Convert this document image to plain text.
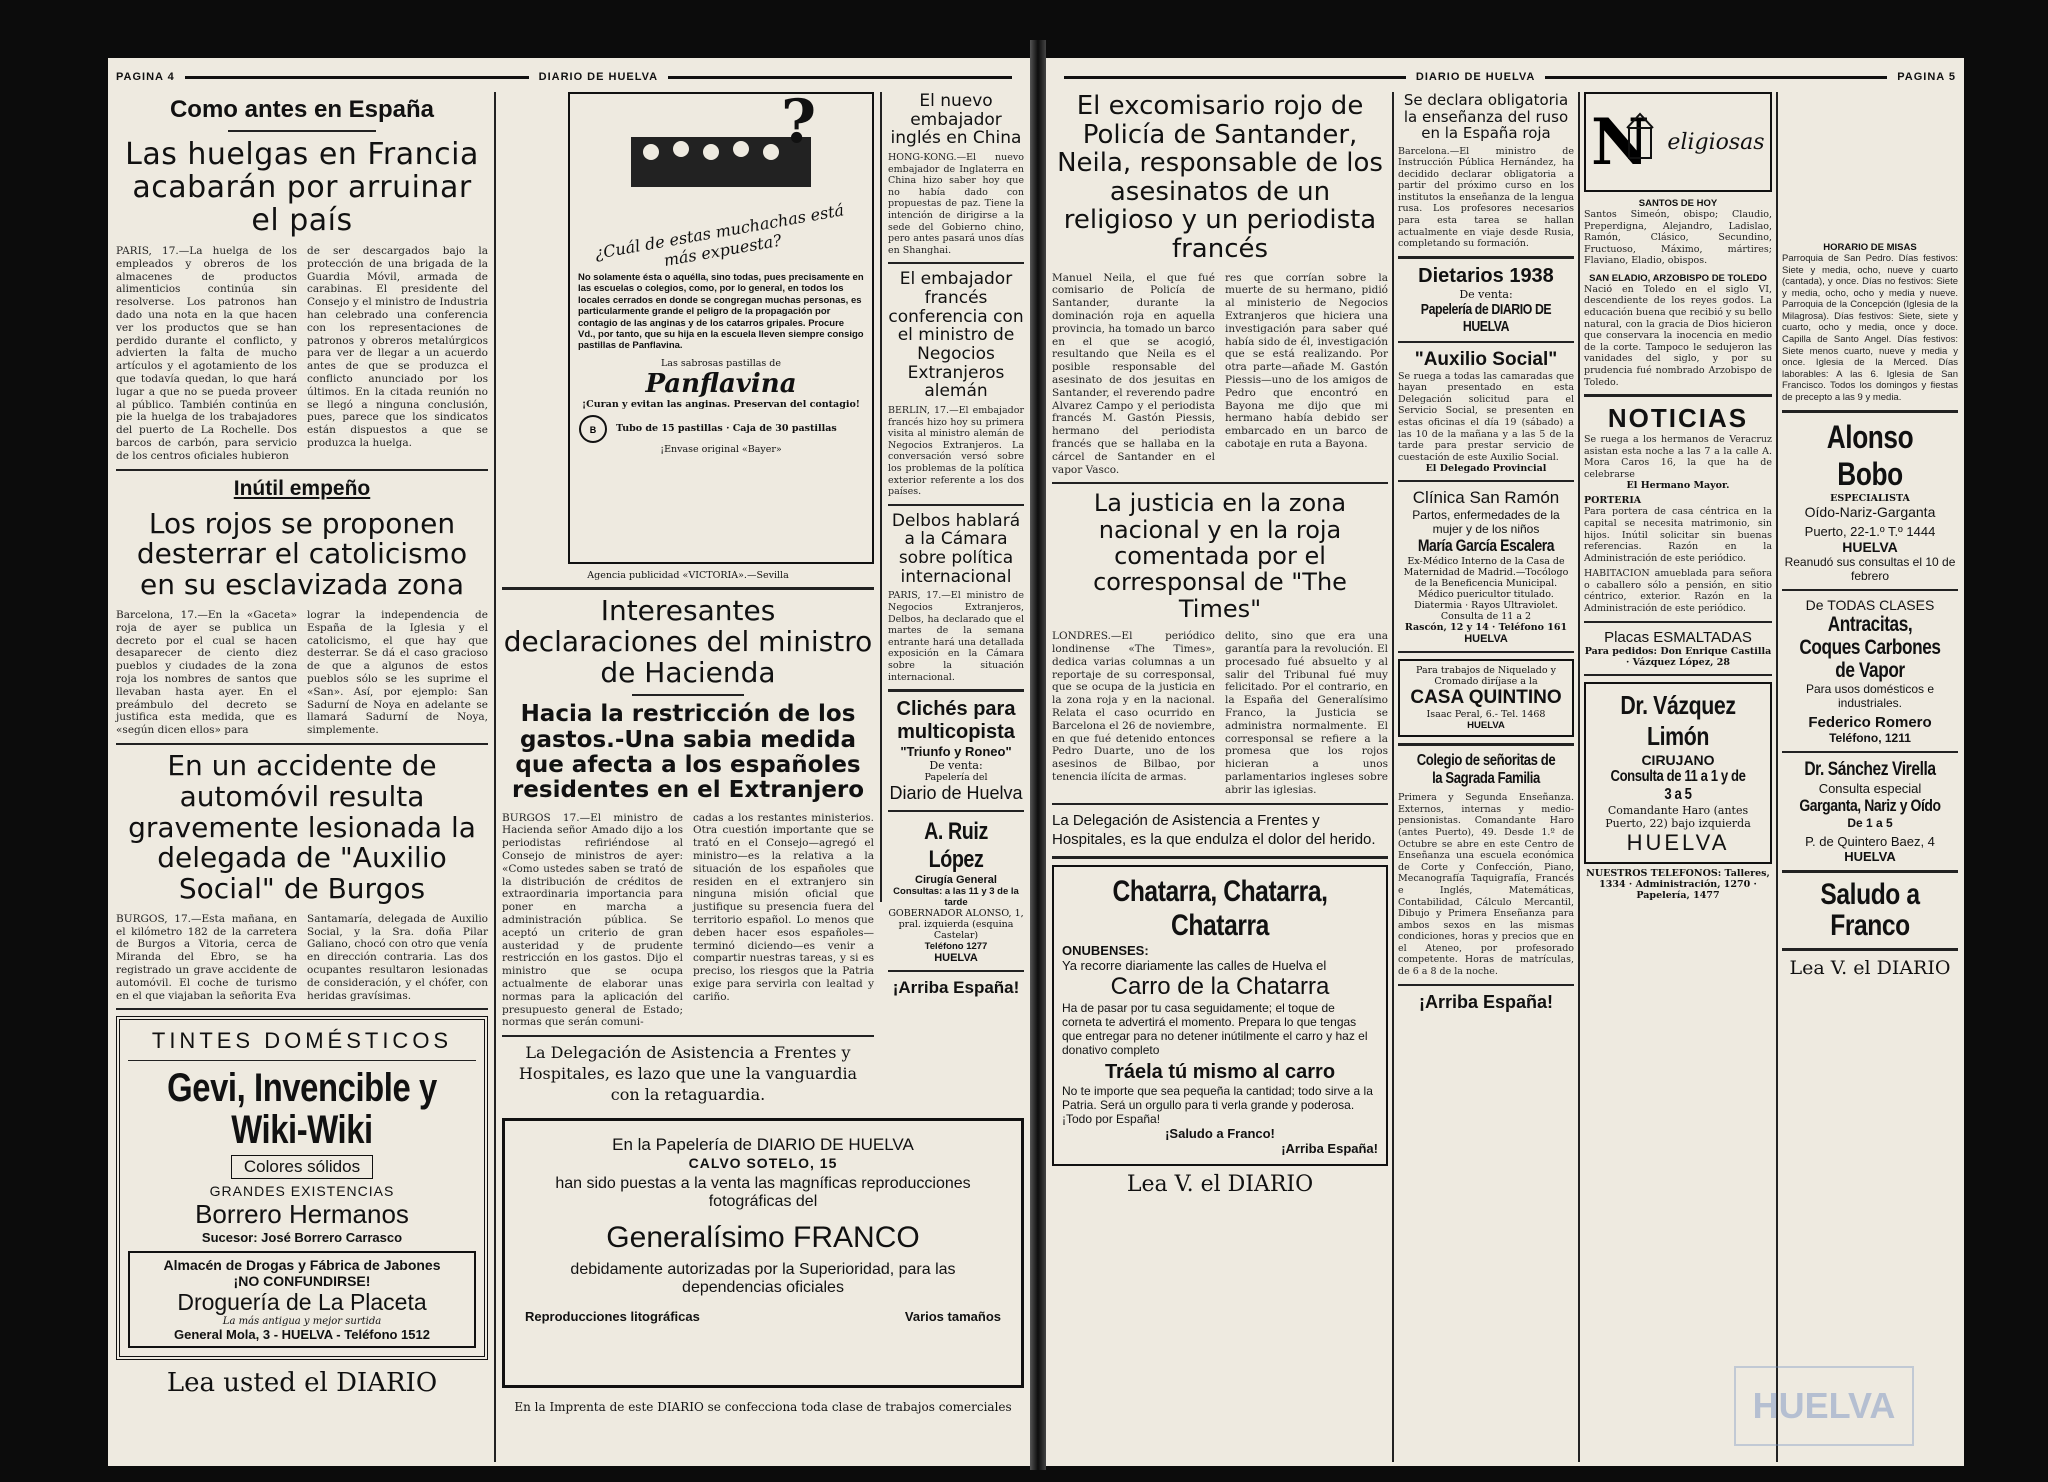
PAGINA 4	DIARIO DE HUELVA
Como antes en España
Las huelgas en Francia acabarán por arruinar el país

PARIS, 17.—La huelga de los empleados y obreros de los almacenes de productos alimenticios continúa sin resolverse. Los patronos han dado una nota en la que hacen ver los productos que se han perdido durante el conflicto, y advierten la falta de mucho artículos y el agotamiento de los que todavía quedan, lo que hará lugar a que no se pueda proveer al público. También continúa en pie la huelga de los trabajadores del puerto de La Rochelle. Dos barcos de carbón, para servicio de los centros oficiales hubieron

de ser descargados bajo la protección de una brigada de la Guardia Móvil, armada de carabinas. El presidente del Consejo y el ministro de Industria han celebrado una conferencia con los representaciones de patronos y obreros metalúrgicos para ver de llegar a un acuerdo antes de que se produzca el conflicto anunciado por los últimos. En la citada reunión no se llegó a ninguna conclusión, pues, parece que los sindicatos están dispuestos a que se produzca la huelga.

Inútil empeño
Los rojos se proponen desterrar el catolicismo en su esclavizada zona

Barcelona, 17.—En la «Gaceta» roja de ayer se publica un decreto por el cual se hacen desaparecer de ciento diez pueblos y ciudades de la zona roja los nombres de santos que llevaban hasta ayer. En el preámbulo del decreto se justifica esta medida, que es «según dicen ellos» para

lograr la independencia de España de la Iglesia y el catolicismo, el que hay que desterrar. Se dá el caso gracioso de que a algunos de estos pueblos sólo se les suprime el «San». Así, por ejemplo: San Sadurní de Noya en adelante se llamará Sadurní de Noya, simplemente.

En un accidente de automóvil resulta gravemente lesionada la delegada de "Auxilio Social" de Burgos

BURGOS, 17.—Esta mañana, en el kilómetro 182 de la carretera de Burgos a Vitoria, cerca de Miranda del Ebro, se ha registrado un grave accidente de automóvil. El coche de turismo en el que viajaban la señorita Eva

Santamaría, delegada de Auxilio Social, y la Sra. doña Pilar Galiano, chocó con otro que venía en dirección contraria. Las dos ocupantes resultaron lesionadas de consideración, y el chófer, con heridas gravísimas.

TINTES DOMÉSTICOS
Gevi, Invencible y Wiki-Wiki
Colores sólidos
GRANDES EXISTENCIAS
Borrero Hermanos
Sucesor: José Borrero Carrasco
Almacén de Drogas y Fábrica de Jabones
¡NO CONFUNDIRSE!
Droguería de La Placeta
La más antigua y mejor surtida
General Mola, 3 - HUELVA - Teléfono 1512
Lea usted el DIARIO
?
¿Cuál de estas muchachas está más expuesta?
No solamente ésta o aquélla, sino todas, pues precisamente en las escuelas o colegios, como, por lo general, en todos los locales cerrados en donde se congregan muchas personas, es particularmente grande el peligro de la propagación por contagio de las anginas y de los catarros gripales. Procure Vd., por tanto, que su hija en la escuela lleven siempre consigo pastillas de Panflavina.
Las sabrosas pastillas de
Panflavina
¡Curan y evitan las anginas. Preservan del contagio!
B Tubo de 15 pastillas · Caja de 30 pastillas
¡Envase original «Bayer»
Agencia publicidad «VICTORIA».—Sevilla
Interesantes declaraciones del ministro de Hacienda
Hacia la restricción de los gastos.-Una sabia medida que afecta a los españoles residentes en el Extranjero

BURGOS 17.—El ministro de Hacienda señor Amado dijo a los periodistas refiriéndose al Consejo de ministros de ayer: «Como ustedes saben se trató de la distribución de créditos de extraordinaria importancia para poner en marcha a administración pública. Se aceptó un criterio de gran austeridad y de prudente restricción en los gastos. Dijo el ministro que se ocupa actualmente de elaborar unas normas para la aplicación del presupuesto general de Estado; normas que serán comuni-

cadas a los restantes ministerios. Otra cuestión importante que se trató en el Consejo—agregó el ministro—es la relativa a la situación de los españoles que residen en el extranjero sin ninguna misión oficial que justifique su presencia fuera del territorio español. Lo menos que deben hacer esos españoles—terminó diciendo—es venir a compartir nuestras tareas, y si es preciso, los riesgos que la Patria exige para servirla con lealtad y cariño.

La Delegación de Asistencia a Frentes y Hospitales, es lazo que une la vanguardia con la retaguardia.
El nuevo embajador inglés en China
HONG-KONG.—El nuevo embajador de Inglaterra en China hizo saber hoy que no había dado con propuestas de paz. Tiene la intención de dirigirse a la sede del Gobierno chino, pero antes pasará unos días en Shanghai.
El embajador francés conferencia con el ministro de Negocios Extranjeros alemán
BERLIN, 17.—El embajador francés hizo hoy su primera visita al ministro alemán de Negocios Extranjeros. La conversación versó sobre los problemas de la política exterior referente a los dos países.
Delbos hablará a la Cámara sobre política internacional
PARIS, 17.—El ministro de Negocios Extranjeros, Delbos, ha declarado que el martes de la semana entrante hará una detallada exposición en la Cámara sobre la situación internacional.
Clichés para multicopista
"Triunfo y Roneo"
De venta:
Papelería del
Diario de Huelva
A. Ruiz López
Cirugía General
Consultas: a las 11 y 3 de la tarde
GOBERNADOR ALONSO, 1, pral. izquierda (esquina Castelar)
Teléfono 1277
HUELVA
¡Arriba España!
En la Papelería de DIARIO DE HUELVA
CALVO SOTELO, 15
han sido puestas a la venta las magníficas reproducciones fotográficas del
Generalísimo FRANCO
debidamente autorizadas por la Superioridad, para las dependencias oficiales
Reproducciones litográficas	Varios tamaños
En la Imprenta de este DIARIO se confecciona toda clase de trabajos comerciales
DIARIO DE HUELVA	PAGINA 5
El excomisario rojo de Policía de Santander, Neila, responsable de los asesinatos de un religioso y un periodista francés

Manuel Neila, el que fué comisario de Policía de Santander, durante la dominación roja en aquella provincia, ha tomado un barco en el que se acogió, resultando que Neila es el posible responsable del asesinato de dos jesuitas en Santander, el reverendo padre Alvarez Campo y el periodista francés M. Gastón Piessis, hermano del periodista francés que se hallaba en la cárcel de Santander en el vapor Vasco.

res que corrían sobre la muerte de su hermano, pidió al ministerio de Negocios Extranjeros que hiciera una investigación para saber qué había sido de él, investigación que se está realizando. Por otra parte—añade M. Gastón Piessis—uno de los amigos de Pedro que encontró en Bayona me dijo que mi hermano había debido ser embarcado en un barco de cabotaje en ruta a Bayona.

La justicia en la zona nacional y en la roja comentada por el corresponsal de "The Times"

LONDRES.—El periódico londinense «The Times», dedica varias columnas a un reportaje de su corresponsal, que se ocupa de la justicia en la zona roja y en la nacional. Relata el caso ocurrido en Barcelona el 26 de noviembre, en que fué detenido entonces Pedro Duarte, uno de los asesinos de Bilbao, por tenencia ilícita de armas.

delito, sino que era una garantía para la revolución. El procesado fué absuelto y al salir del Tribunal fué muy felicitado. Por el contrario, en la España del Generalísimo Franco, la Justicia se administra normalmente. El corresponsal se refiere a la promesa que los rojos hicieran a unos parlamentarios ingleses sobre abrir las iglesias.

La Delegación de Asistencia a Frentes y Hospitales, es la que endulza el dolor del herido.
Chatarra, Chatarra, Chatarra
ONUBENSES:
Ya recorre diariamente las calles de Huelva el
Carro de la Chatarra
Ha de pasar por tu casa seguidamente; el toque de corneta te advertirá el momento. Prepara lo que tengas que entregar para no detener inútilmente el carro y haz el donativo completo
Tráela tú mismo al carro
No te importe que sea pequeña la cantidad; todo sirve a la Patria. Será un orgullo para ti verla grande y poderosa. ¡Todo por España!
¡Saludo a Franco!
¡Arriba España!
Lea V. el DIARIO
Se declara obligatoria la enseñanza del ruso en la España roja
Barcelona.—El ministro de Instrucción Pública Hernández, ha decidido declarar obligatoria a partir del próximo curso en los institutos la enseñanza de la lengua rusa. Los profesores necesarios para esta tarea se hallan actualmente en viaje desde Rusia, completando su formación.
Dietarios 1938
De venta:
Papelería de DIARIO DE HUELVA
"Auxilio Social"
Se ruega a todas las camaradas que hayan presentado en esta Delegación solicitud para el Servicio Social, se presenten en estas oficinas el día 19 (sábado) a las 10 de la mañana y a las 5 de la tarde para prestar servicio de cuestación de este Auxilio Social.
El Delegado Provincial
Clínica San Ramón
Partos, enfermedades de la mujer y de los niños
María García Escalera
Ex-Médico Interno de la Casa de Maternidad de Madrid.—Tocólogo de la Beneficencia Municipal. Médico puericultor titulado. Diatermia · Rayos Ultraviolet. Consulta de 11 a 2
Rascón, 12 y 14 · Teléfono 161
HUELVA
Para trabajos de Niquelado y Cromado diríjase a la
CASA QUINTINO
Isaac Peral, 6.- Tel. 1468
HUELVA
Colegio de señoritas de la Sagrada Familia
Primera y Segunda Enseñanza. Externos, internas y medio-pensionistas. Comandante Haro (antes Puerto), 49. Desde 1.º de Octubre se abre en este Centro de Enseñanza una escuela económica de Corte y Confección, Piano, Mecanografía Taquigrafía, Francés e Inglés, Matemáticas, Contabilidad, Cálculo Mercantil, Dibujo y Primera Enseñanza para ambos sexos en las mismas condiciones, horas y precios que en el Ateneo, por profesorado competente. Horas de matrículas, de 6 a 8 de la noche.
¡Arriba España!
N eligiosas
SANTOS DE HOY
Santos Simeón, obispo; Claudio, Preperdigna, Alejandro, Ladislao, Ramón, Clásico, Secundino, Fructuoso, Máximo, mártires; Flaviano, Eladio, obispos.
SAN ELADIO, ARZOBISPO DE TOLEDO
Nació en Toledo en el siglo VI, descendiente de los reyes godos. La educación buena que recibió y su bello natural, con la gracia de Dios hicieron que conservara la inocencia en medio de la corte. Tampoco le sedujeron las vanidades del siglo, y por su prudencia fué nombrado Arzobispo de Toledo.
NOTICIAS
Se ruega a los hermanos de Veracruz asistan esta noche a las 7 a la calle A. Mora Caros 16, la que ha de celebrarse
El Hermano Mayor.
PORTERIA
Para portera de casa céntrica en la capital se necesita matrimonio, sin hijos. Inútil solicitar sin buenas referencias. Razón en la Administración de este periódico.
HABITACION amueblada para señora o caballero sólo a pensión, en sitio céntrico, exterior. Razón en la Administración de este periódico.
Placas ESMALTADAS
Para pedidos: Don Enrique Castilla · Vázquez López, 28
Dr. Vázquez Limón
CIRUJANO
Consulta de 11 a 1 y de 3 a 5
Comandante Haro (antes Puerto, 22) bajo izquierda
HUELVA
NUESTROS TELEFONOS: Talleres, 1334 · Administración, 1270 · Papelería, 1477
HORARIO DE MISAS
Parroquia de San Pedro. Días festivos: Siete y media, ocho, nueve y cuarto (cantada), y once. Días no festivos: Siete y media, ocho, ocho y media y nueve. Parroquia de la Concepción (Iglesia de la Milagrosa). Días festivos: Siete, siete y cuarto, ocho y media, once y doce. Capilla de Santo Angel. Días festivos: Siete menos cuarto, nueve y media y once. Iglesia de la Merced. Días laborables: A las 6. Iglesia de San Francisco. Todos los domingos y fiestas de precepto a las 9 y media.
Alonso Bobo
ESPECIALISTA
Oído-Nariz-Garganta
Puerto, 22-1.º T.º 1444
HUELVA
Reanudó sus consultas el 10 de febrero
De TODAS CLASES
Antracitas, Coques Carbones de Vapor
Para usos domésticos e industriales.
Federico Romero
Teléfono, 1211
Dr. Sánchez Virella
Consulta especial
Garganta, Nariz y Oído
De 1 a 5
P. de Quintero Baez, 4
HUELVA
Saludo a Franco
Lea V. el DIARIO
HUELVA
